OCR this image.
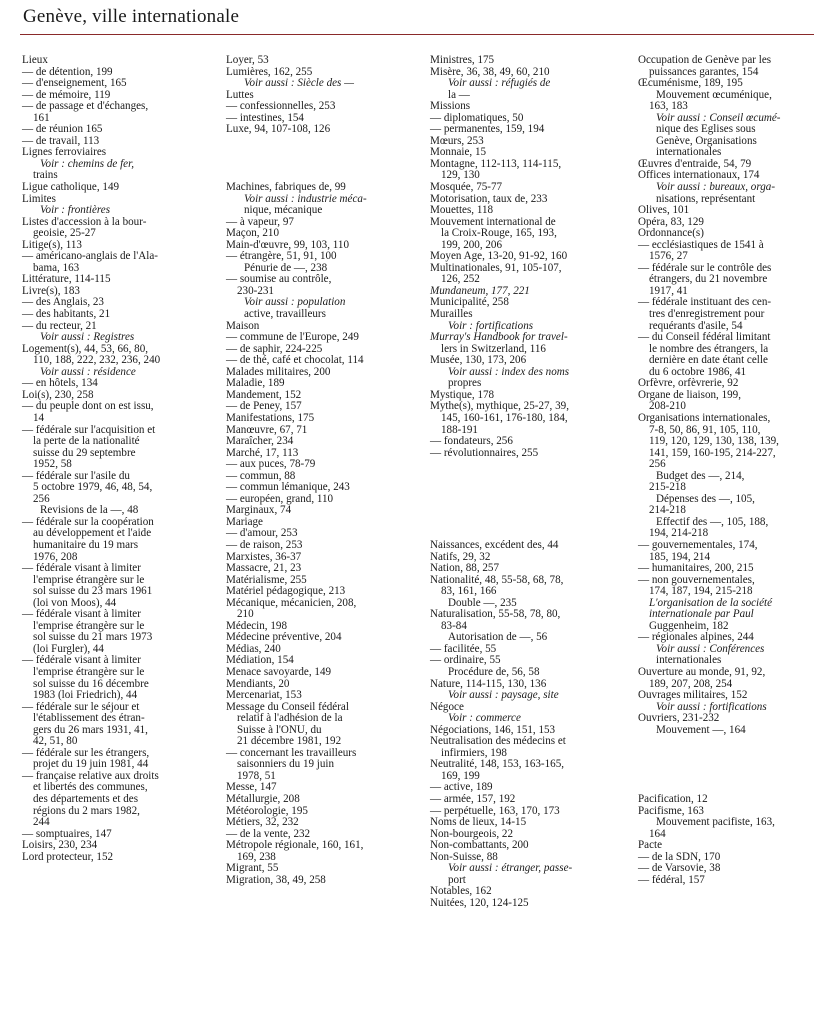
Genève, ville internationale
Lieux
— de détention, 199
— d'enseignement, 165
— de mémoire, 119
— de passage et d'échanges,
161
— de réunion 165
— de travail, 113
Lignes ferroviaires
Voir : chemins de fer,
trains
Ligue catholique, 149
Limites
Voir : frontières
Listes d'accession à la bour-
geoisie, 25-27
Litige(s), 113
— américano-anglais de l'Ala-
bama, 163
Littérature, 114-115
Livre(s), 183
— des Anglais, 23
— des habitants, 21
— du recteur, 21
Voir aussi : Registres
Logement(s), 44, 53, 66, 80,
110, 188, 222, 232, 236, 240
Voir aussi : résidence
— en hôtels, 134
Loi(s), 230, 258
— du peuple dont on est issu,
14
— fédérale sur l'acquisition et
la perte de la nationalité
suisse du 29 septembre
1952, 58
— fédérale sur l'asile du
5 octobre 1979, 46, 48, 54,
256
Revisions de la —, 48
— fédérale sur la coopération
au développement et l'aide
humanitaire du 19 mars
1976, 208
— fédérale visant à limiter
l'emprise étrangère sur le
sol suisse du 23 mars 1961
(loi von Moos), 44
— fédérale visant à limiter
l'emprise étrangère sur le
sol suisse du 21 mars 1973
(loi Furgler), 44
— fédérale visant à limiter
l'emprise étrangère sur le
sol suisse du 16 décembre
1983 (loi Friedrich), 44
— fédérale sur le séjour et
l'établissement des étran-
gers du 26 mars 1931, 41,
42, 51, 80
— fédérale sur les étrangers,
projet du 19 juin 1981, 44
— française relative aux droits
et libertés des communes,
des départements et des
régions du 2 mars 1982,
244
— somptuaires, 147
Loisirs, 230, 234
Lord protecteur, 152
Loyer, 53
Lumières, 162, 255
Voir aussi : Siècle des —
Luttes
— confessionnelles, 253
— intestines, 154
Luxe, 94, 107-108, 126
Machines, fabriques de, 99
Voir aussi : industrie méca-
nique, mécanique
— à vapeur, 97
Maçon, 210
Main-d'œuvre, 99, 103, 110
— étrangère, 51, 91, 100
Pénurie de —, 238
— soumise au contrôle,
230-231
Voir aussi : population
active, travailleurs
Maison
— commune de l'Europe, 249
— de saphir, 224-225
— de thé, café et chocolat, 114
Malades militaires, 200
Maladie, 189
Mandement, 152
— de Peney, 157
Manifestations, 175
Manœuvre, 67, 71
Maraîcher, 234
Marché, 17, 113
— aux puces, 78-79
— commun, 88
— commun lémanique, 243
— européen, grand, 110
Marginaux, 74
Mariage
— d'amour, 253
— de raison, 253
Marxistes, 36-37
Massacre, 21, 23
Matérialisme, 255
Matériel pédagogique, 213
Mécanique, mécanicien, 208,
210
Médecin, 198
Médecine préventive, 204
Médias, 240
Médiation, 154
Menace savoyarde, 149
Mendiants, 20
Mercenariat, 153
Message du Conseil fédéral
relatif à l'adhésion de la
Suisse à l'ONU, du
21 décembre 1981, 192
— concernant les travailleurs
saisonniers du 19 juin
1978, 51
Messe, 147
Métallurgie, 208
Météorologie, 195
Métiers, 32, 232
— de la vente, 232
Métropole régionale, 160, 161,
169, 238
Migrant, 55
Migration, 38, 49, 258
Ministres, 175
Misère, 36, 38, 49, 60, 210
Voir aussi : réfugiés de
la —
Missions
— diplomatiques, 50
— permanentes, 159, 194
Mœurs, 253
Monnaie, 15
Montagne, 112-113, 114-115,
129, 130
Mosquée, 75-77
Motorisation, taux de, 233
Mouettes, 118
Mouvement international de
la Croix-Rouge, 165, 193,
199, 200, 206
Moyen Age, 13-20, 91-92, 160
Multinationales, 91, 105-107,
126, 252
Mundaneum, 177, 221
Municipalité, 258
Murailles
Voir : fortifications
Murray's Handbook for travel-
lers in Switzerland, 116
Musée, 130, 173, 206
Voir aussi : index des noms
propres
Mystique, 178
Mythe(s), mythique, 25-27, 39,
145, 160-161, 176-180, 184,
188-191
— fondateurs, 256
— révolutionnaires, 255
Naissances, excédent des, 44
Natifs, 29, 32
Nation, 88, 257
Nationalité, 48, 55-58, 68, 78,
83, 161, 166
Double —, 235
Naturalisation, 55-58, 78, 80,
83-84
Autorisation de —, 56
— facilitée, 55
— ordinaire, 55
Procédure de, 56, 58
Nature, 114-115, 130, 136
Voir aussi : paysage, site
Négoce
Voir : commerce
Négociations, 146, 151, 153
Neutralisation des médecins et
infirmiers, 198
Neutralité, 148, 153, 163-165,
169, 199
— active, 189
— armée, 157, 192
— perpétuelle, 163, 170, 173
Noms de lieux, 14-15
Non-bourgeois, 22
Non-combattants, 200
Non-Suisse, 88
Voir aussi : étranger, passe-
port
Notables, 162
Nuitées, 120, 124-125
Occupation de Genève par les
puissances garantes, 154
Œcuménisme, 189, 195
Mouvement œcuménique,
163, 183
Voir aussi : Conseil œcumé-
nique des Eglises sous
Genève, Organisations
internationales
Œuvres d'entraide, 54, 79
Offices internationaux, 174
Voir aussi : bureaux, orga-
nisations, représentant
Olives, 101
Opéra, 83, 129
Ordonnance(s)
— ecclésiastiques de 1541 à
1576, 27
— fédérale sur le contrôle des
étrangers, du 21 novembre
1917, 41
— fédérale instituant des cen-
tres d'enregistrement pour
requérants d'asile, 54
— du Conseil fédéral limitant
le nombre des étrangers, la
dernière en date étant celle
du 6 octobre 1986, 41
Orfèvre, orfèvrerie, 92
Organe de liaison, 199,
208-210
Organisations internationales,
7-8, 50, 86, 91, 105, 110,
119, 120, 129, 130, 138, 139,
141, 159, 160-195, 214-227,
256
Budget des —, 214,
215-218
Dépenses des —, 105,
214-218
Effectif des —, 105, 188,
194, 214-218
— gouvernementales, 174,
185, 194, 214
— humanitaires, 200, 215
— non gouvernementales,
174, 187, 194, 215-218
L'organisation de la société
internationale par Paul
Guggenheim, 182
— régionales alpines, 244
Voir aussi : Conférences
internationales
Ouverture au monde, 91, 92,
189, 207, 208, 254
Ouvrages militaires, 152
Voir aussi : fortifications
Ouvriers, 231-232
Mouvement —, 164
Pacification, 12
Pacifisme, 163
Mouvement pacifiste, 163,
164
Pacte
— de la SDN, 170
— de Varsovie, 38
— fédéral, 157
